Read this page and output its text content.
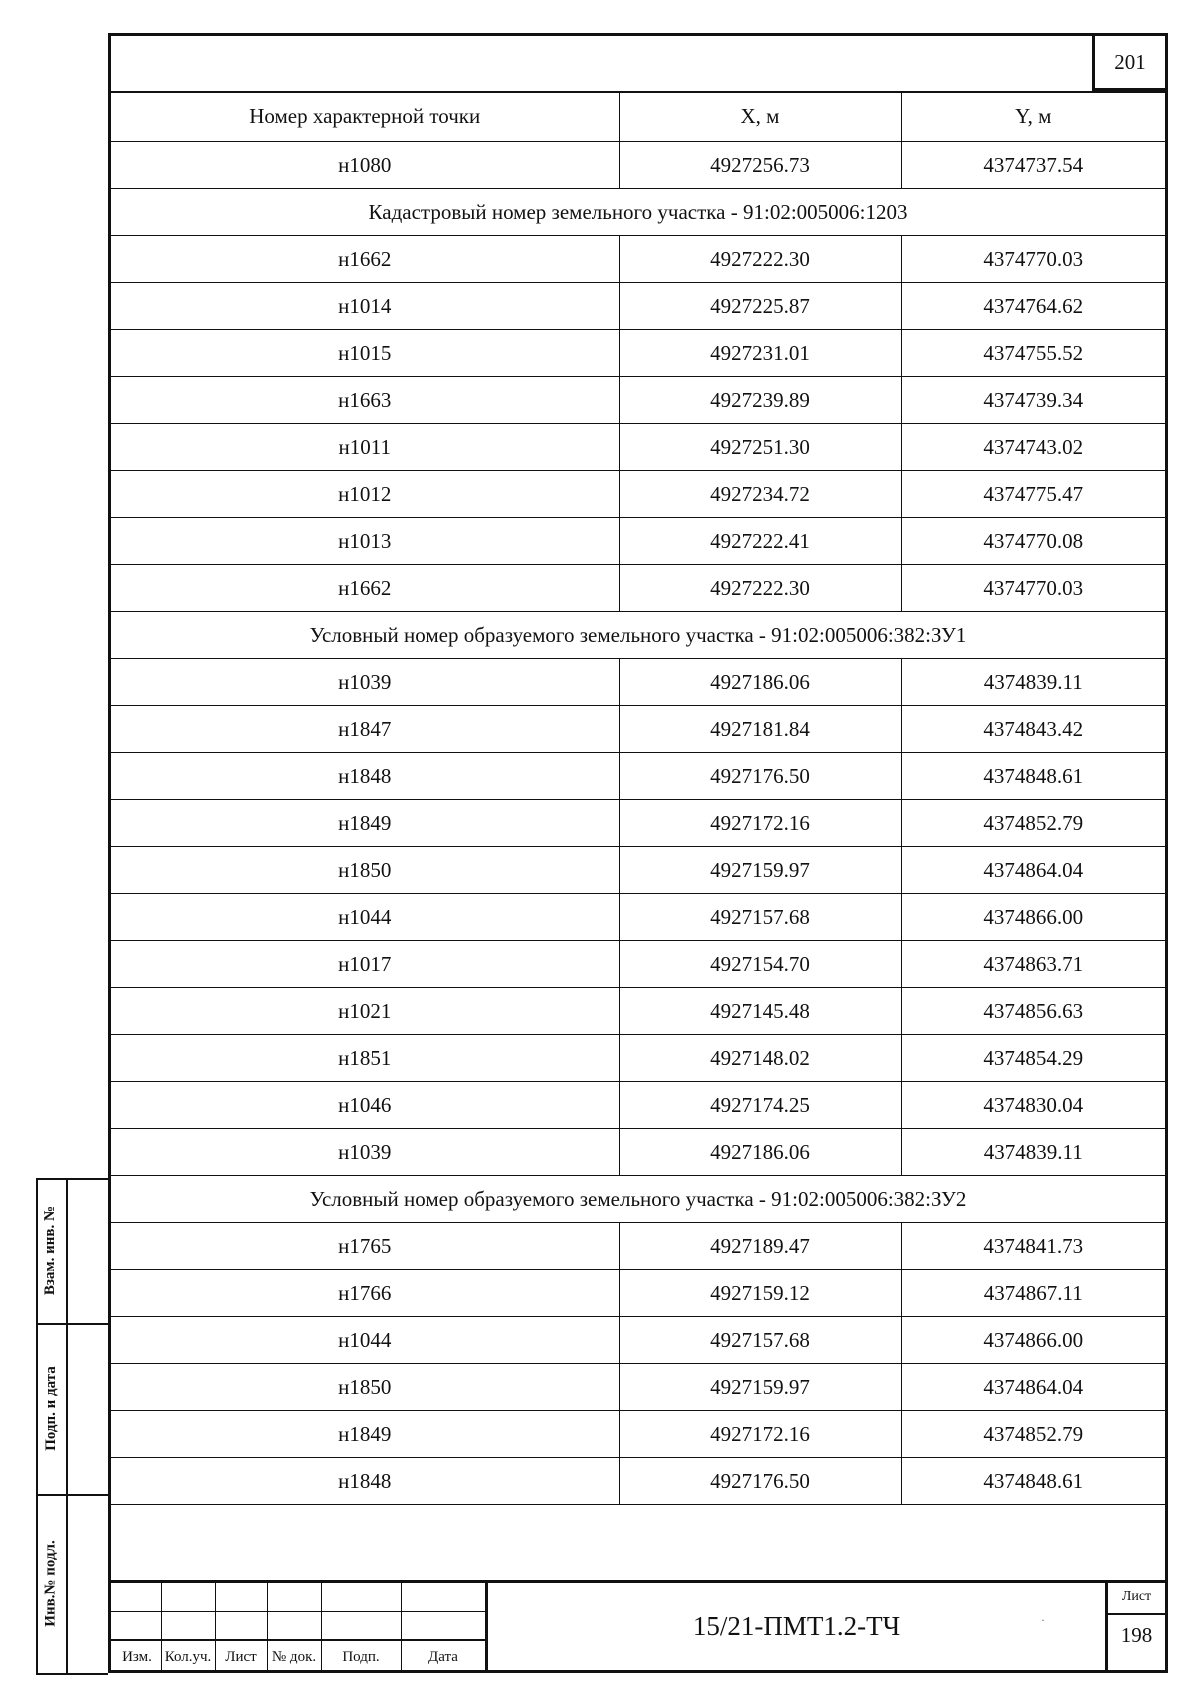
201
Номер характерной точки	X, м	Y, м
н1080	4927256.73	4374737.54
Кадастровый номер земельного участка - 91:02:005006:1203		
н1662	4927222.30	4374770.03
н1014	4927225.87	4374764.62
н1015	4927231.01	4374755.52
н1663	4927239.89	4374739.34
н1011	4927251.30	4374743.02
н1012	4927234.72	4374775.47
н1013	4927222.41	4374770.08
н1662	4927222.30	4374770.03
Условный номер образуемого земельного участка - 91:02:005006:382:ЗУ1		
н1039	4927186.06	4374839.11
н1847	4927181.84	4374843.42
н1848	4927176.50	4374848.61
н1849	4927172.16	4374852.79
н1850	4927159.97	4374864.04
н1044	4927157.68	4374866.00
н1017	4927154.70	4374863.71
н1021	4927145.48	4374856.63
н1851	4927148.02	4374854.29
н1046	4927174.25	4374830.04
н1039	4927186.06	4374839.11
Условный номер образуемого земельного участка - 91:02:005006:382:ЗУ2		
н1765	4927189.47	4374841.73
н1766	4927159.12	4374867.11
н1044	4927157.68	4374866.00
н1850	4927159.97	4374864.04
н1849	4927172.16	4374852.79
н1848	4927176.50	4374848.61
Изм. Кол.уч. Лист	№ док.	Подп.	Дата
15/21-ПМТ1.2-ТЧ
Лист
198
·
Взам. инв. №
Подп. и дата
Инв.№ подл.
